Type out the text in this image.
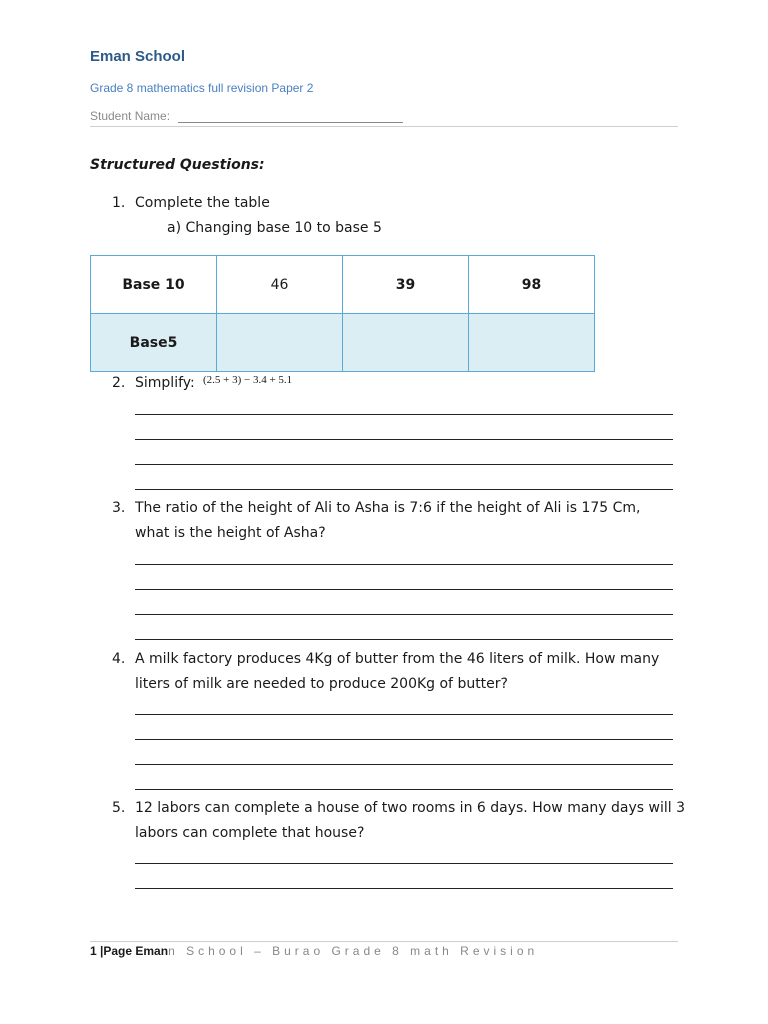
Eman School
Grade 8 mathematics full revision Paper 2
Student Name:
Structured Questions:
1. Complete the table
a) Changing base 10 to base 5
Base 10	46	39	98
Base5			
2. Simplify: (2.5 + 3) − 3.4 + 5.1
3. The ratio of the height of Ali to Asha is 7:6 if the height of Ali is 175 Cm,
what is the height of Asha?
4. A milk factory produces 4Kg of butter from the 46 liters of milk. How many
liters of milk are needed to produce 200Kg of butter?
5. 12 labors can complete a house of two rooms in 6 days. How many days will 3
labors can complete that house?
1 |Page Emann School – Burao Grade 8 math Revision
